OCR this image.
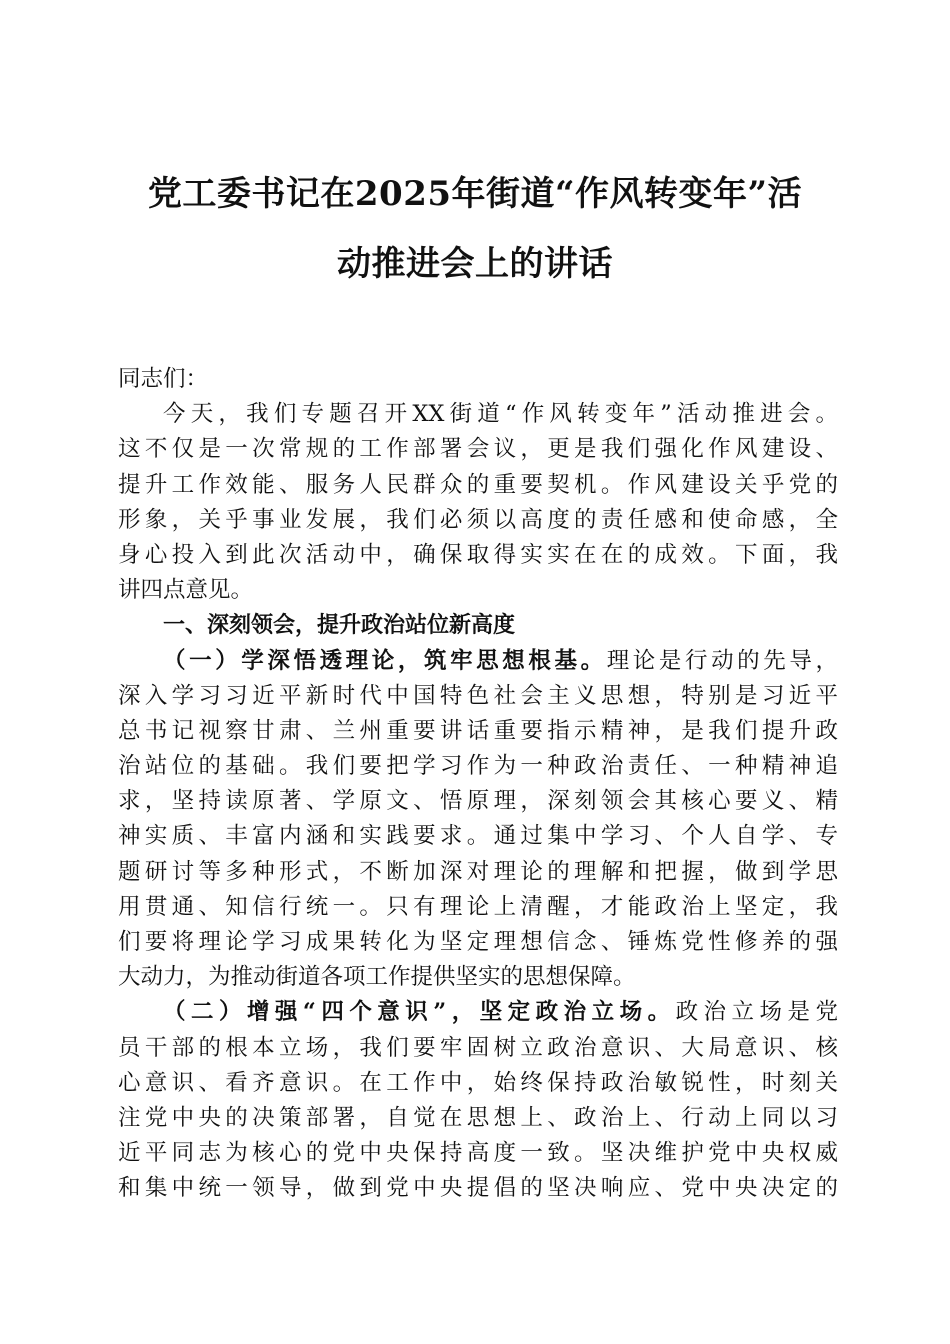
党工委书记在2025年街道“作风转变年”活
动推进会上的讲话
同志们：
今天，我们专题召开XX街道“作风转变年”活动推进会。
这不仅是一次常规的工作部署会议，更是我们强化作风建设、
提升工作效能、服务人民群众的重要契机。作风建设关乎党的
形象，关乎事业发展，我们必须以高度的责任感和使命感，全
身心投入到此次活动中，确保取得实实在在的成效。下面，我
讲四点意见。
一、深刻领会，提升政治站位新高度
（一）学深悟透理论，筑牢思想根基。理论是行动的先导，
深入学习习近平新时代中国特色社会主义思想，特别是习近平
总书记视察甘肃、兰州重要讲话重要指示精神，是我们提升政
治站位的基础。我们要把学习作为一种政治责任、一种精神追
求，坚持读原著、学原文、悟原理，深刻领会其核心要义、精
神实质、丰富内涵和实践要求。通过集中学习、个人自学、专
题研讨等多种形式，不断加深对理论的理解和把握，做到学思
用贯通、知信行统一。只有理论上清醒，才能政治上坚定，我
们要将理论学习成果转化为坚定理想信念、锤炼党性修养的强
大动力，为推动街道各项工作提供坚实的思想保障。
（二）增强“四个意识”，坚定政治立场。政治立场是党
员干部的根本立场，我们要牢固树立政治意识、大局意识、核
心意识、看齐意识。在工作中，始终保持政治敏锐性，时刻关
注党中央的决策部署，自觉在思想上、政治上、行动上同以习
近平同志为核心的党中央保持高度一致。坚决维护党中央权威
和集中统一领导，做到党中央提倡的坚决响应、党中央决定的
